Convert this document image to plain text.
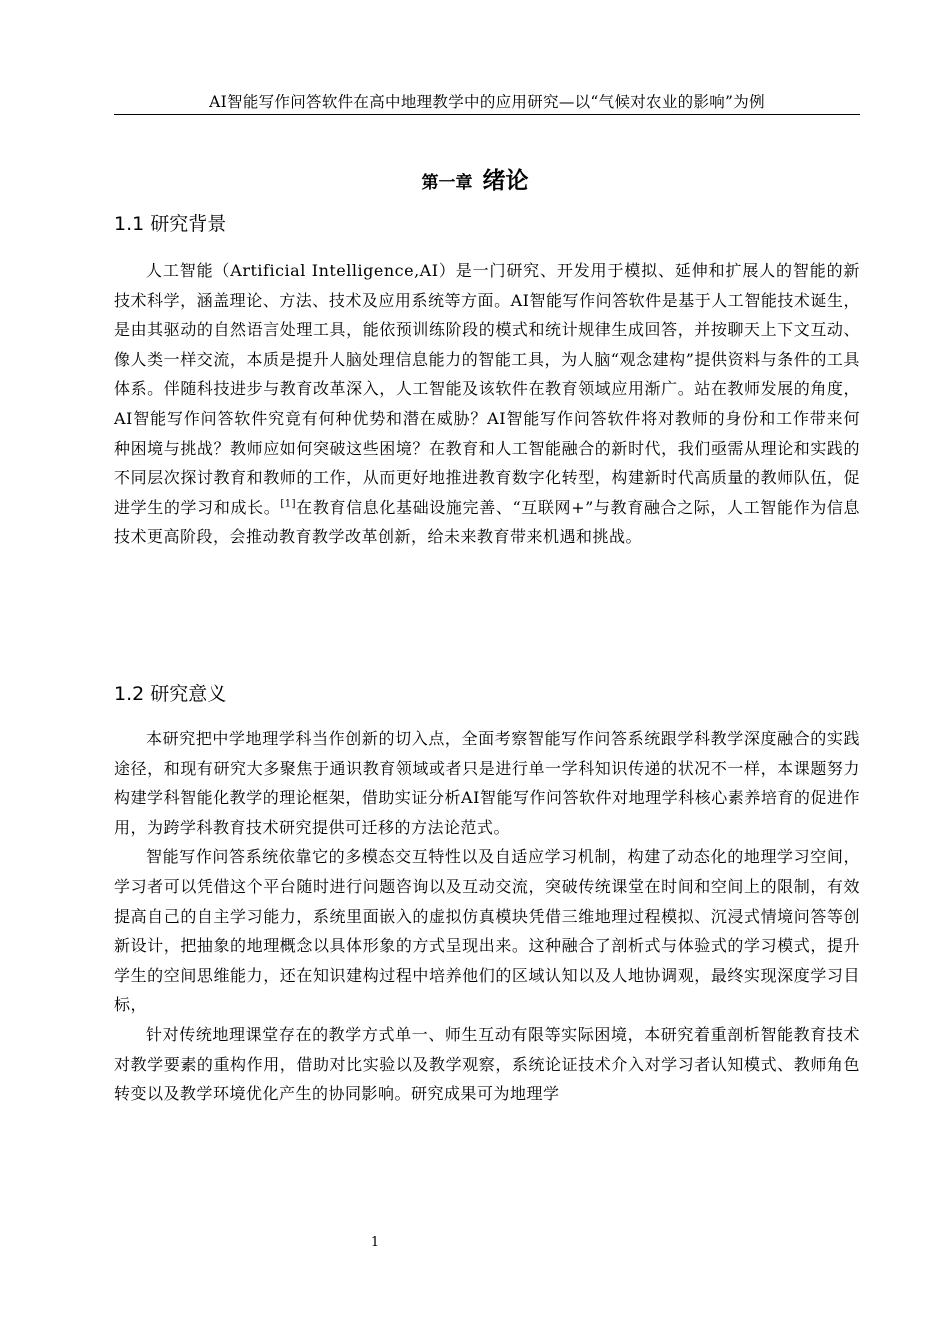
AI智能写作问答软件在高中地理教学中的应用研究—以“气候对农业的影响”为例
第一章 绪论
1.1 研究背景

人工智能（Artificial Intelligence,AI）是一门研究、开发用于模拟、延伸和扩展人的智能的新技术科学，涵盖理论、方法、技术及应用系统等方面。AI智能写作问答软件是基于人工智能技术诞生，是由其驱动的自然语言处理工具，能依预训练阶段的模式和统计规律生成回答，并按聊天上下文互动、像人类一样交流，本质是提升人脑处理信息能力的智能工具，为人脑“观念建构”提供资料与条件的工具体系。伴随科技进步与教育改革深入，人工智能及该软件在教育领域应用渐广。站在教师发展的角度，AI智能写作问答软件究竟有何种优势和潜在威胁？AI智能写作问答软件将对教师的身份和工作带来何种困境与挑战？教师应如何突破这些困境？在教育和人工智能融合的新时代，我们亟需从理论和实践的不同层次探讨教育和教师的工作，从而更好地推进教育数字化转型，构建新时代高质量的教师队伍，促进学生的学习和成长。[1]在教育信息化基础设施完善、“互联网+”与教育融合之际，人工智能作为信息技术更高阶段，会推动教育教学改革创新，给未来教育带来机遇和挑战。

1.2 研究意义

本研究把中学地理学科当作创新的切入点，全面考察智能写作问答系统跟学科教学深度融合的实践途径，和现有研究大多聚焦于通识教育领域或者只是进行单一学科知识传递的状况不一样，本课题努力构建学科智能化教学的理论框架，借助实证分析AI智能写作问答软件对地理学科核心素养培育的促进作用，为跨学科教育技术研究提供可迁移的方法论范式。

智能写作问答系统依靠它的多模态交互特性以及自适应学习机制，构建了动态化的地理学习空间，学习者可以凭借这个平台随时进行问题咨询以及互动交流，突破传统课堂在时间和空间上的限制，有效提高自己的自主学习能力，系统里面嵌入的虚拟仿真模块凭借三维地理过程模拟、沉浸式情境问答等创新设计，把抽象的地理概念以具体形象的方式呈现出来。这种融合了剖析式与体验式的学习模式，提升学生的空间思维能力，还在知识建构过程中培养他们的区域认知以及人地协调观，最终实现深度学习目标，

针对传统地理课堂存在的教学方式单一、师生互动有限等实际困境，本研究着重剖析智能教育技术对教学要素的重构作用，借助对比实验以及教学观察，系统论证技术介入对学习者认知模式、教师角色转变以及教学环境优化产生的协同影响。研究成果可为地理学

1
